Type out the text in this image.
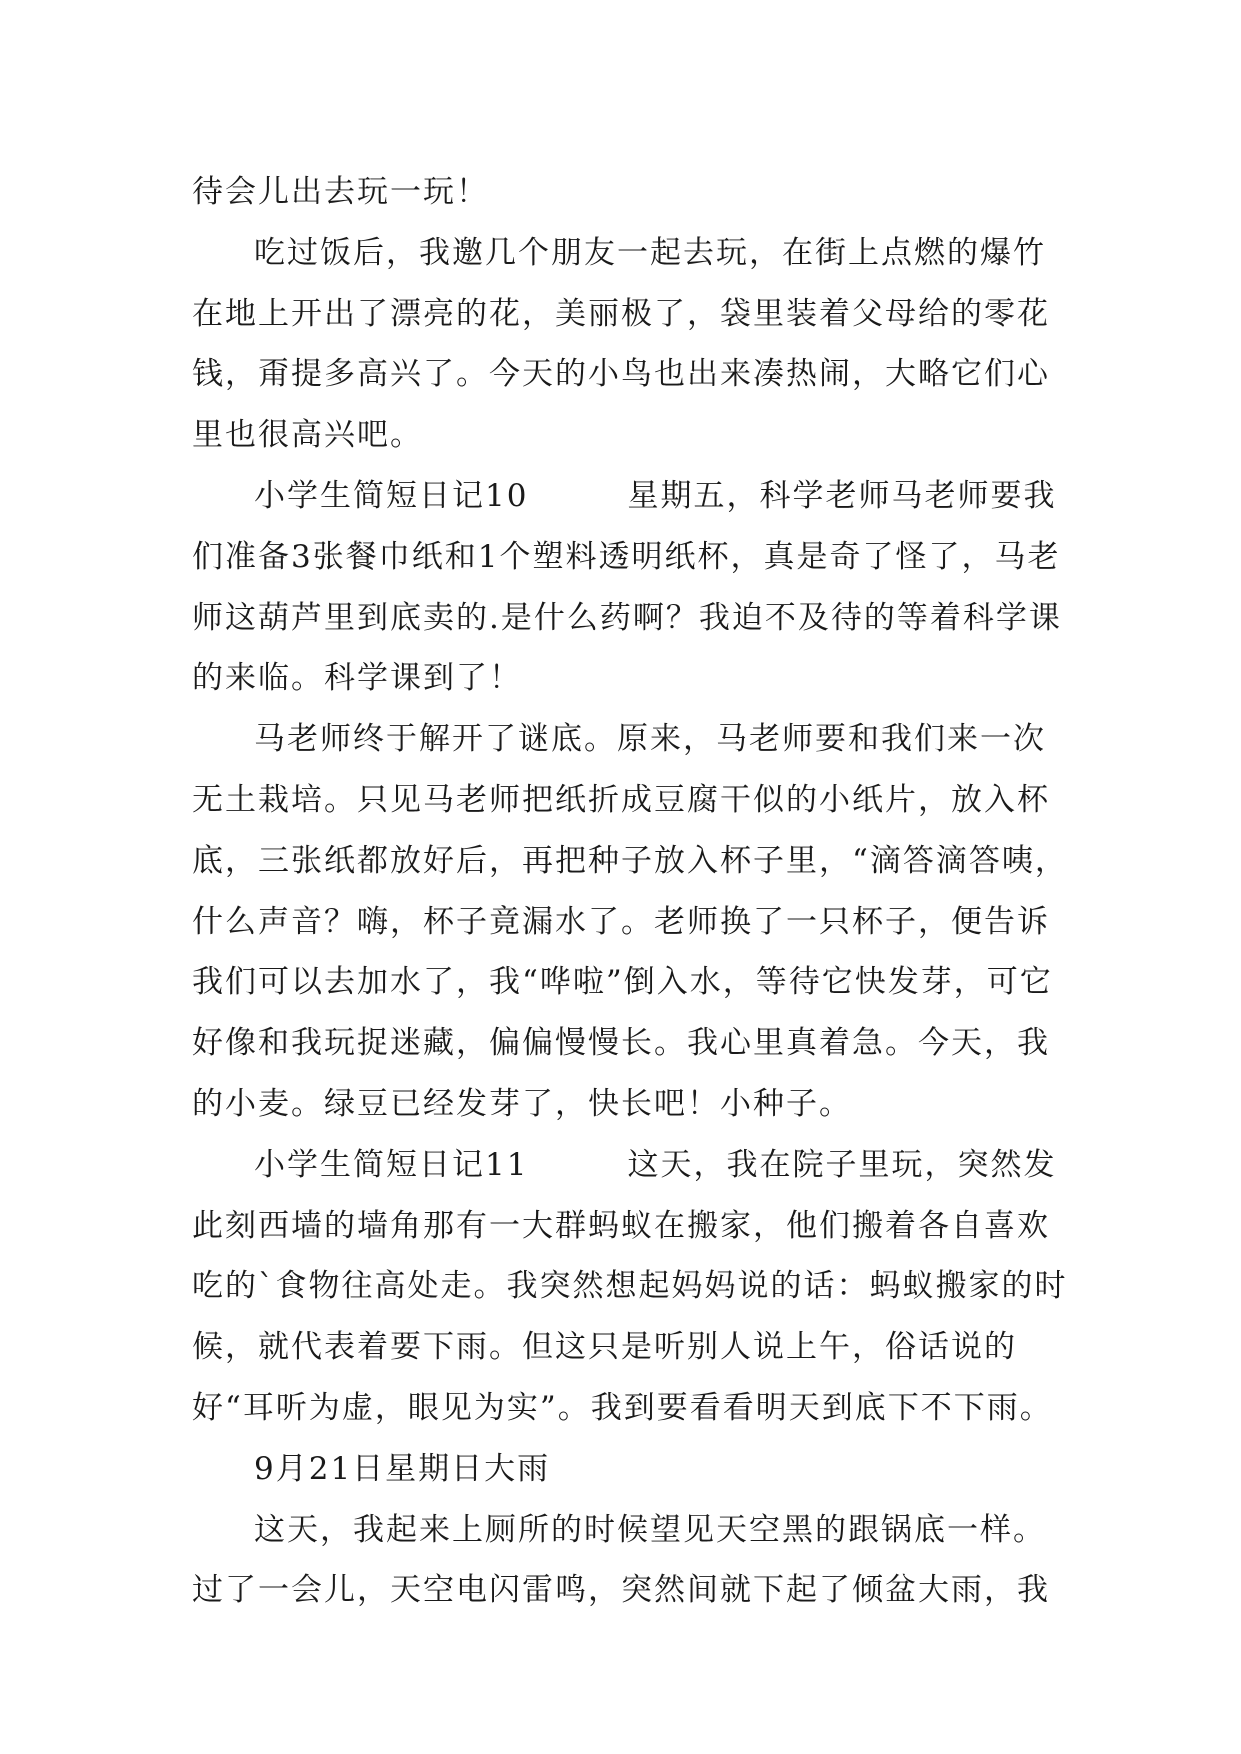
待会儿出去玩一玩！

吃过饭后，我邀几个朋友一起去玩，在街上点燃的爆竹在地上开出了漂亮的花，美丽极了，袋里装着父母给的零花钱，甭提多高兴了。今天的小鸟也出来凑热闹，大略它们心里也很高兴吧。

小学生简短日记10　　　星期五，科学老师马老师要我们准备3张餐巾纸和1个塑料透明纸杯，真是奇了怪了，马老师这葫芦里到底卖的.是什么药啊？我迫不及待的等着科学课的来临。科学课到了！

马老师终于解开了谜底。原来，马老师要和我们来一次无土栽培。只见马老师把纸折成豆腐干似的小纸片，放入杯底，三张纸都放好后，再把种子放入杯子里，“滴答滴答咦，什么声音？嗨，杯子竟漏水了。老师换了一只杯子，便告诉我们可以去加水了，我“哗啦”倒入水，等待它快发芽，可它好像和我玩捉迷藏，偏偏慢慢长。我心里真着急。今天，我的小麦。绿豆已经发芽了，快长吧！小种子。

小学生简短日记11　　　这天，我在院子里玩，突然发此刻西墙的墙角那有一大群蚂蚁在搬家，他们搬着各自喜欢吃的`食物往高处走。我突然想起妈妈说的话：蚂蚁搬家的时候，就代表着要下雨。但这只是听别人说上午，俗话说的好“耳听为虚，眼见为实”。我到要看看明天到底下不下雨。

9月21日星期日大雨

这天，我起来上厕所的时候望见天空黑的跟锅底一样。过了一会儿，天空电闪雷鸣，突然间就下起了倾盆大雨，我
